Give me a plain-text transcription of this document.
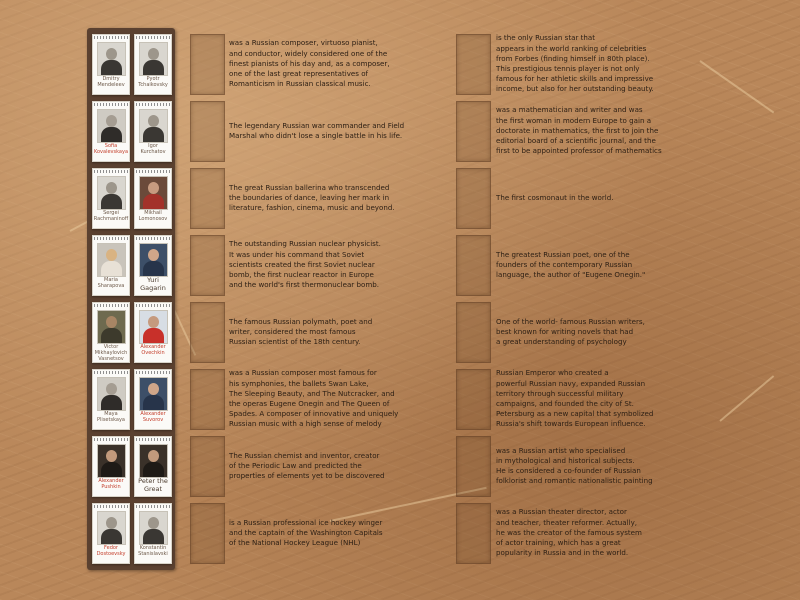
Dmitry
Mendeleev
Pyotr
Tchaikovsky
Sofia
Kovalevskaya
Igor
Kurchatov
Sergei
Rachmaninoff
Mikhail
Lomonosov
Maria
Sharapova
Yuri
Gagarin
Victor
Mikhaylovich
Vasnetsov
Alexander
Ovechkin
Maya
Plisetskaya
Alexander
Suvorov
Alexander
Pushkin
Peter the
Great
Fedor
Dostoevsky
Konstantin
Stanislavski
was a Russian composer, virtuoso pianist,
and conductor, widely considered one of the
finest pianists of his day and, as a composer,
one of the last great representatives of
Romanticism in Russian classical music.
The legendary Russian war commander and Field
Marshal who didn't lose a single battle in his life.
The great Russian ballerina who transcended
the boundaries of dance, leaving her mark in
literature, fashion, cinema, music and beyond.
The outstanding Russian nuclear physicist.
It was under his command that Soviet
scientists created the first Soviet nuclear
bomb, the first nuclear reactor in Europe
and the world's first thermonuclear bomb.
The famous Russian polymath, poet and
writer, considered the most famous
Russian scientist of the 18th century.
was a Russian composer most famous for
his symphonies, the ballets Swan Lake,
The Sleeping Beauty, and The Nutcracker, and
the operas Eugene Onegin and The Queen of
Spades. A composer of innovative and uniquely
Russian music with a high sense of melody
The Russian chemist and inventor, creator
of the Periodic Law and predicted the
properties of elements yet to be discovered
is a Russian professional ice hockey winger
and the captain of the Washington Capitals
of the National Hockey League (NHL)
is the only Russian star that
appears in the world ranking of celebrities
from Forbes (finding himself in 80th place).
This prestigious tennis player is not only
famous for her athletic skills and impressive
income, but also for her outstanding beauty.
was a mathematician and writer and was
the first woman in modern Europe to gain a
doctorate in mathematics, the first to join the
editorial board of a scientific journal, and the
first to be appointed professor of mathematics
The first cosmonaut in the world.
The greatest Russian poet, one of the
founders of the contemporary Russian
language, the author of "Eugene Onegin."
One of the world- famous Russian writers,
best known for writing novels that had
a great understanding of psychology
Russian Emperor who created a
powerful Russian navy, expanded Russian
territory through successful military
campaigns, and founded the city of St.
Petersburg as a new capital that symbolized
Russia's shift towards European influence.
was a Russian artist who specialised
in mythological and historical subjects.
He is considered a co-founder of Russian
folklorist and romantic nationalistic painting
was a Russian theater director, actor
and teacher, theater reformer. Actually,
he was the creator of the famous system
of actor training, which has a great
popularity in Russia and in the world.
